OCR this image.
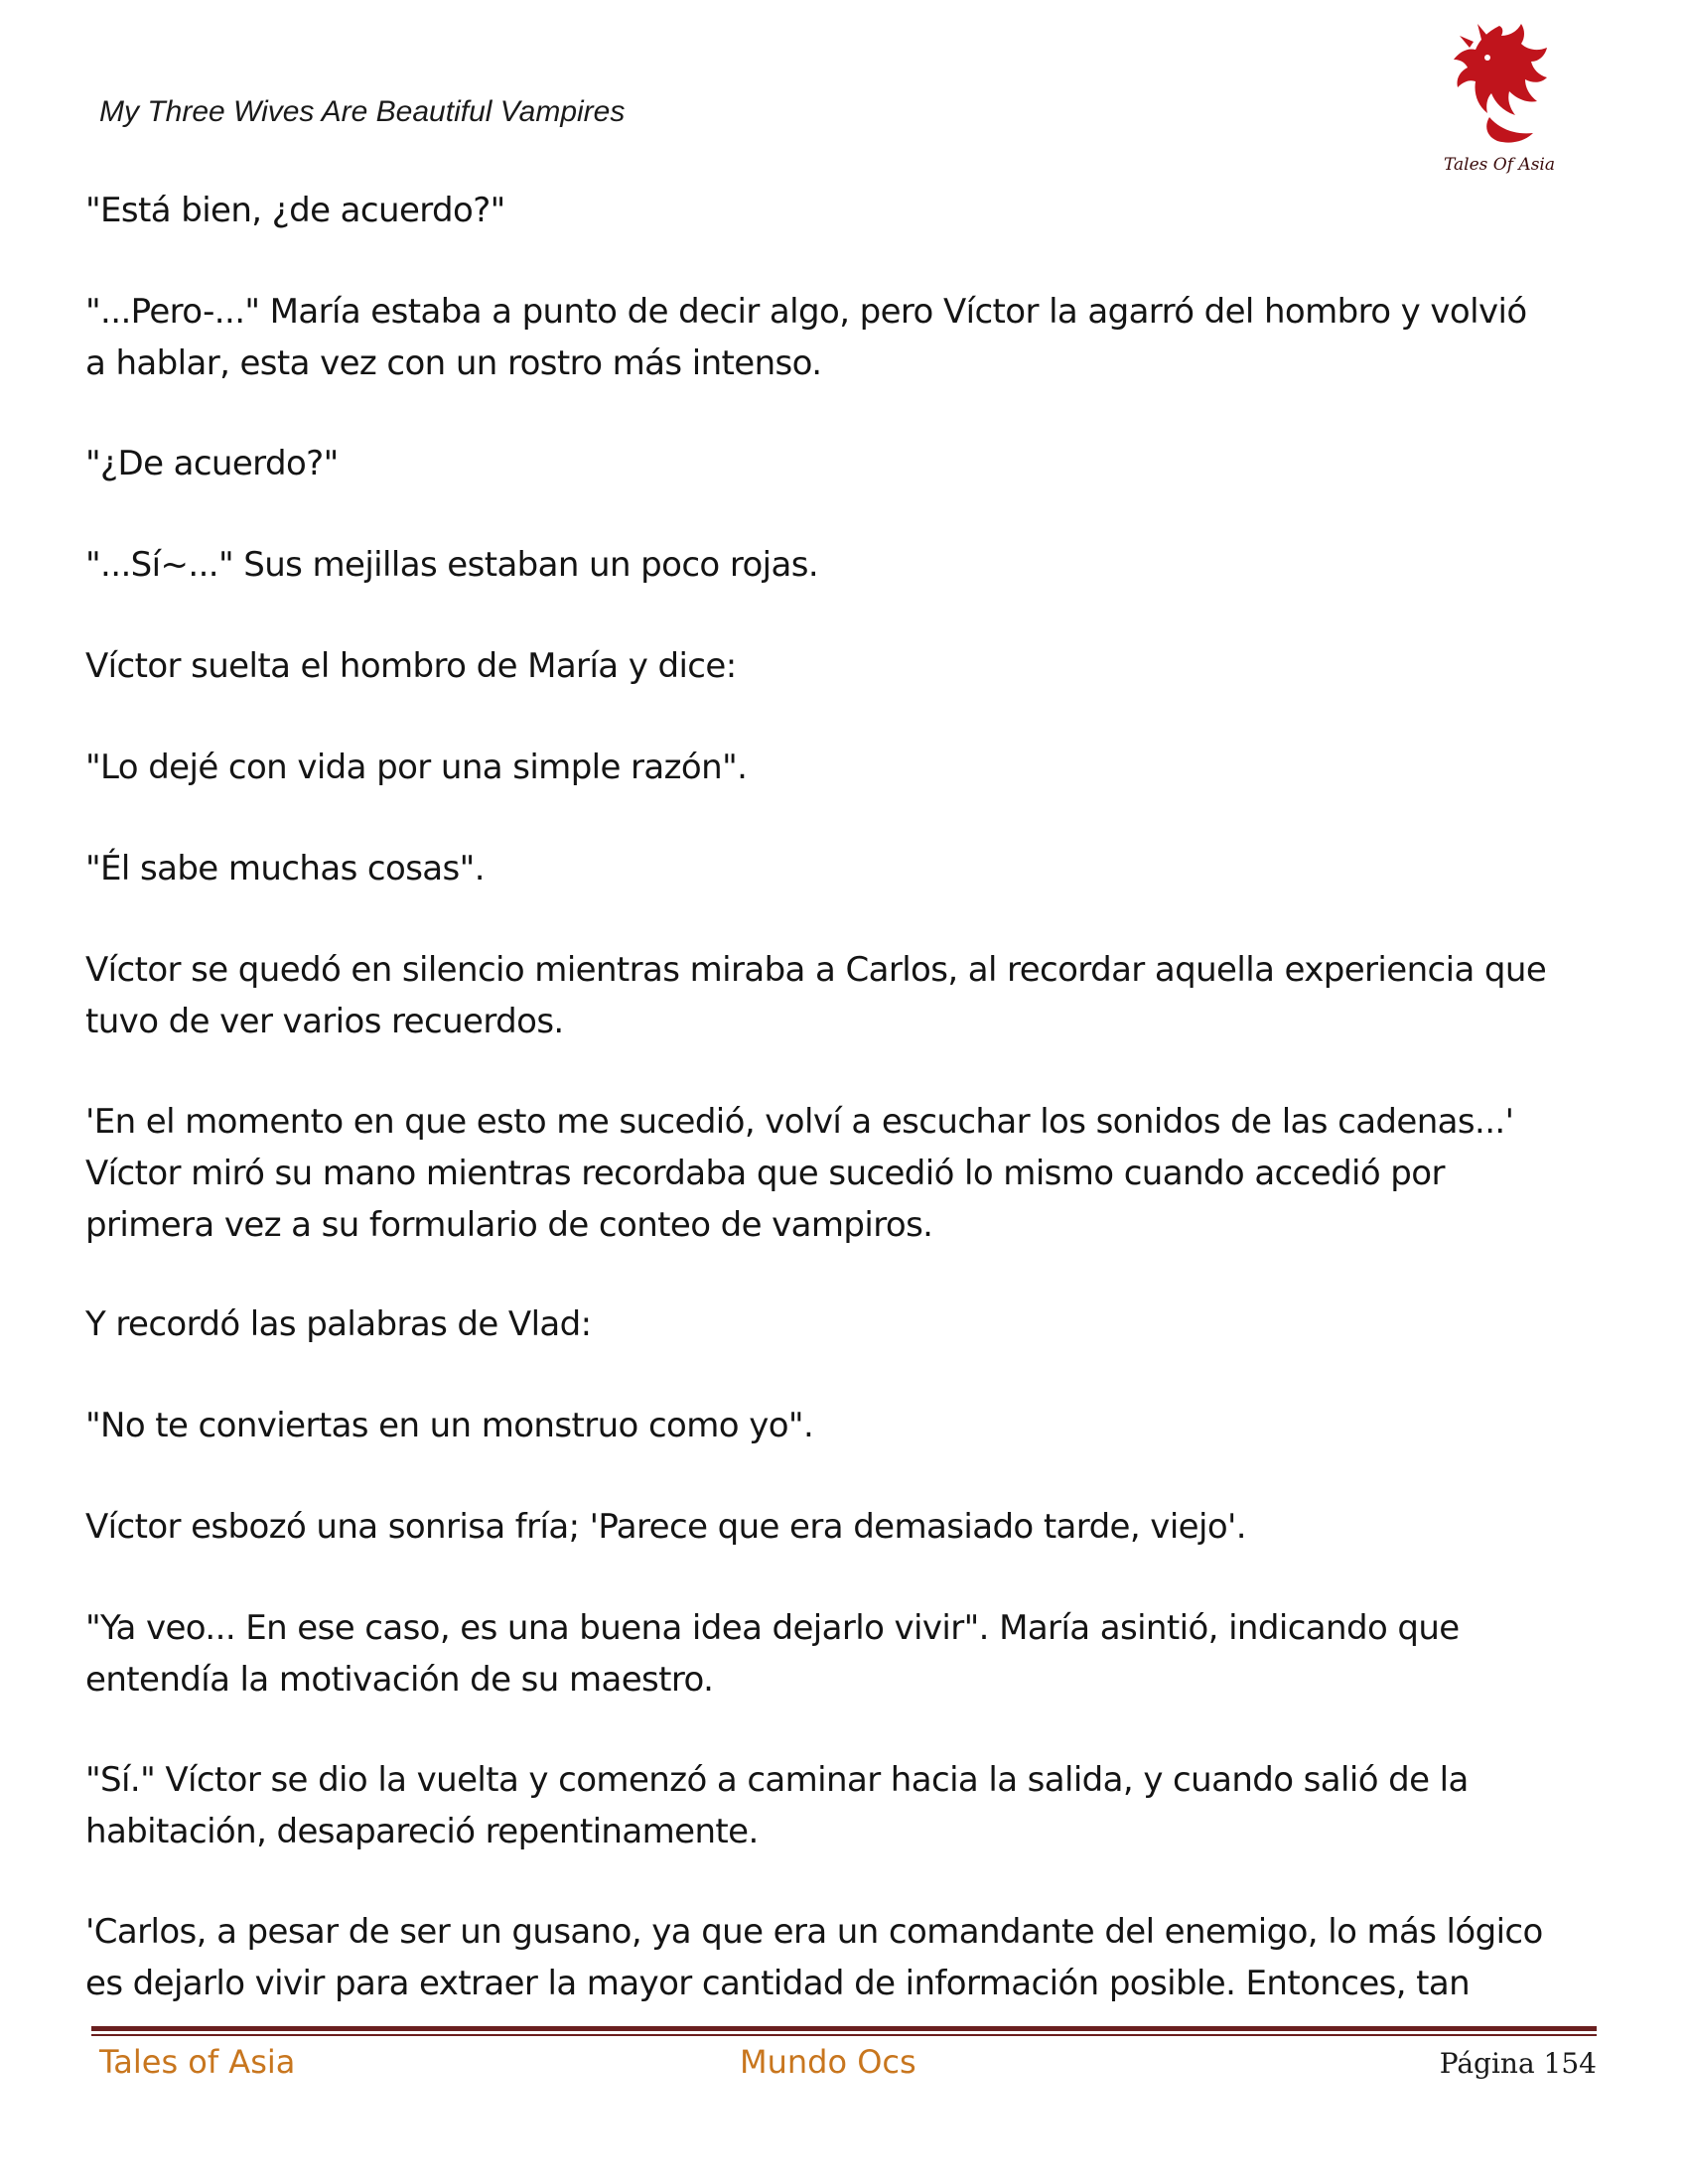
My Three Wives Are Beautiful Vampires
Tales Of Asia
"Está bien, ¿de acuerdo?"
"...Pero-..." María estaba a punto de decir algo, pero Víctor la agarró del hombro y volvió
a hablar, esta vez con un rostro más intenso.
"¿De acuerdo?"
"...Sí~..." Sus mejillas estaban un poco rojas.
Víctor suelta el hombro de María y dice:
"Lo dejé con vida por una simple razón".
"Él sabe muchas cosas".
Víctor se quedó en silencio mientras miraba a Carlos, al recordar aquella experiencia que
tuvo de ver varios recuerdos.
'En el momento en que esto me sucedió, volví a escuchar los sonidos de las cadenas...'
Víctor miró su mano mientras recordaba que sucedió lo mismo cuando accedió por
primera vez a su formulario de conteo de vampiros.
Y recordó las palabras de Vlad:
"No te conviertas en un monstruo como yo".
Víctor esbozó una sonrisa fría; 'Parece que era demasiado tarde, viejo'.
"Ya veo... En ese caso, es una buena idea dejarlo vivir". María asintió, indicando que
entendía la motivación de su maestro.
"Sí." Víctor se dio la vuelta y comenzó a caminar hacia la salida, y cuando salió de la
habitación, desapareció repentinamente.
'Carlos, a pesar de ser un gusano, ya que era un comandante del enemigo, lo más lógico
es dejarlo vivir para extraer la mayor cantidad de información posible. Entonces, tan
Tales of Asia	Mundo Ocs	Página 154
